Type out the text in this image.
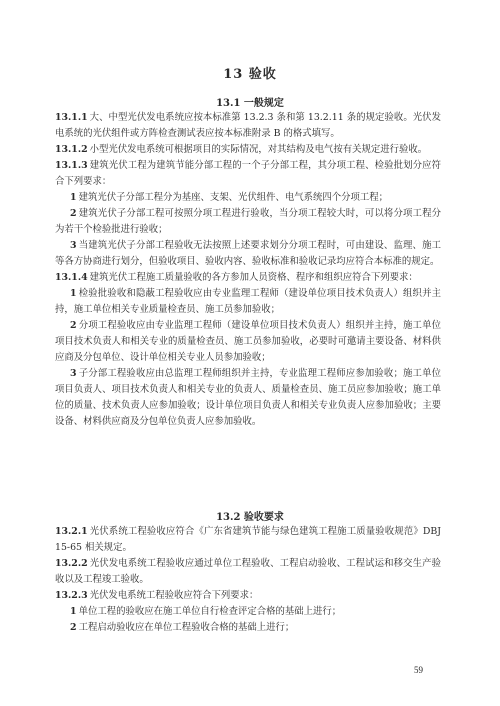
13 验收
13.1 一般规定

13.1.1 大、中型光伏发电系统应按本标准第 13.2.3 条和第 13.2.11 条的规定验收。光伏发电系统的光伏组件或方阵检查测试表应按本标准附录 B 的格式填写。

13.1.2 小型光伏发电系统可根据项目的实际情况，对其结构及电气按有关规定进行验收。

13.1.3 建筑光伏工程为建筑节能分部工程的一个子分部工程，其分项工程、检验批划分应符合下列要求：

1 建筑光伏子分部工程分为基座、支架、光伏组件、电气系统四个分项工程；

2 建筑光伏子分部工程可按照分项工程进行验收，当分项工程较大时，可以将分项工程分为若干个检验批进行验收；

3 当建筑光伏子分部工程验收无法按照上述要求划分分项工程时，可由建设、监理、施工等各方协商进行划分，但验收项目、验收内容、验收标准和验收记录均应符合本标准的规定。

13.1.4 建筑光伏工程施工质量验收的各方参加人员资格、程序和组织应符合下列要求：

1 检验批验收和隐蔽工程验收应由专业监理工程师（建设单位项目技术负责人）组织并主持，施工单位相关专业质量检查员、施工员参加验收；

2 分项工程验收应由专业监理工程师（建设单位项目技术负责人）组织并主持，施工单位项目技术负责人和相关专业的质量检查员、施工员参加验收，必要时可邀请主要设备、材料供应商及分包单位、设计单位相关专业人员参加验收；

3 子分部工程验收应由总监理工程师组织并主持，专业监理工程师应参加验收；施工单位项目负责人、项目技术负责人和相关专业的负责人、质量检查员、施工员应参加验收；施工单位的质量、技术负责人应参加验收；设计单位项目负责人和相关专业负责人应参加验收；主要设备、材料供应商及分包单位负责人应参加验收。

13.2 验收要求

13.2.1 光伏系统工程验收应符合《广东省建筑节能与绿色建筑工程施工质量验收规范》DBJ 15-65 相关规定。

13.2.2 光伏发电系统工程验收应通过单位工程验收、工程启动验收、工程试运和移交生产验收以及工程竣工验收。

13.2.3 光伏发电系统工程验收应符合下列要求：

1 单位工程的验收应在施工单位自行检查评定合格的基础上进行；

2 工程启动验收应在单位工程验收合格的基础上进行；

59
